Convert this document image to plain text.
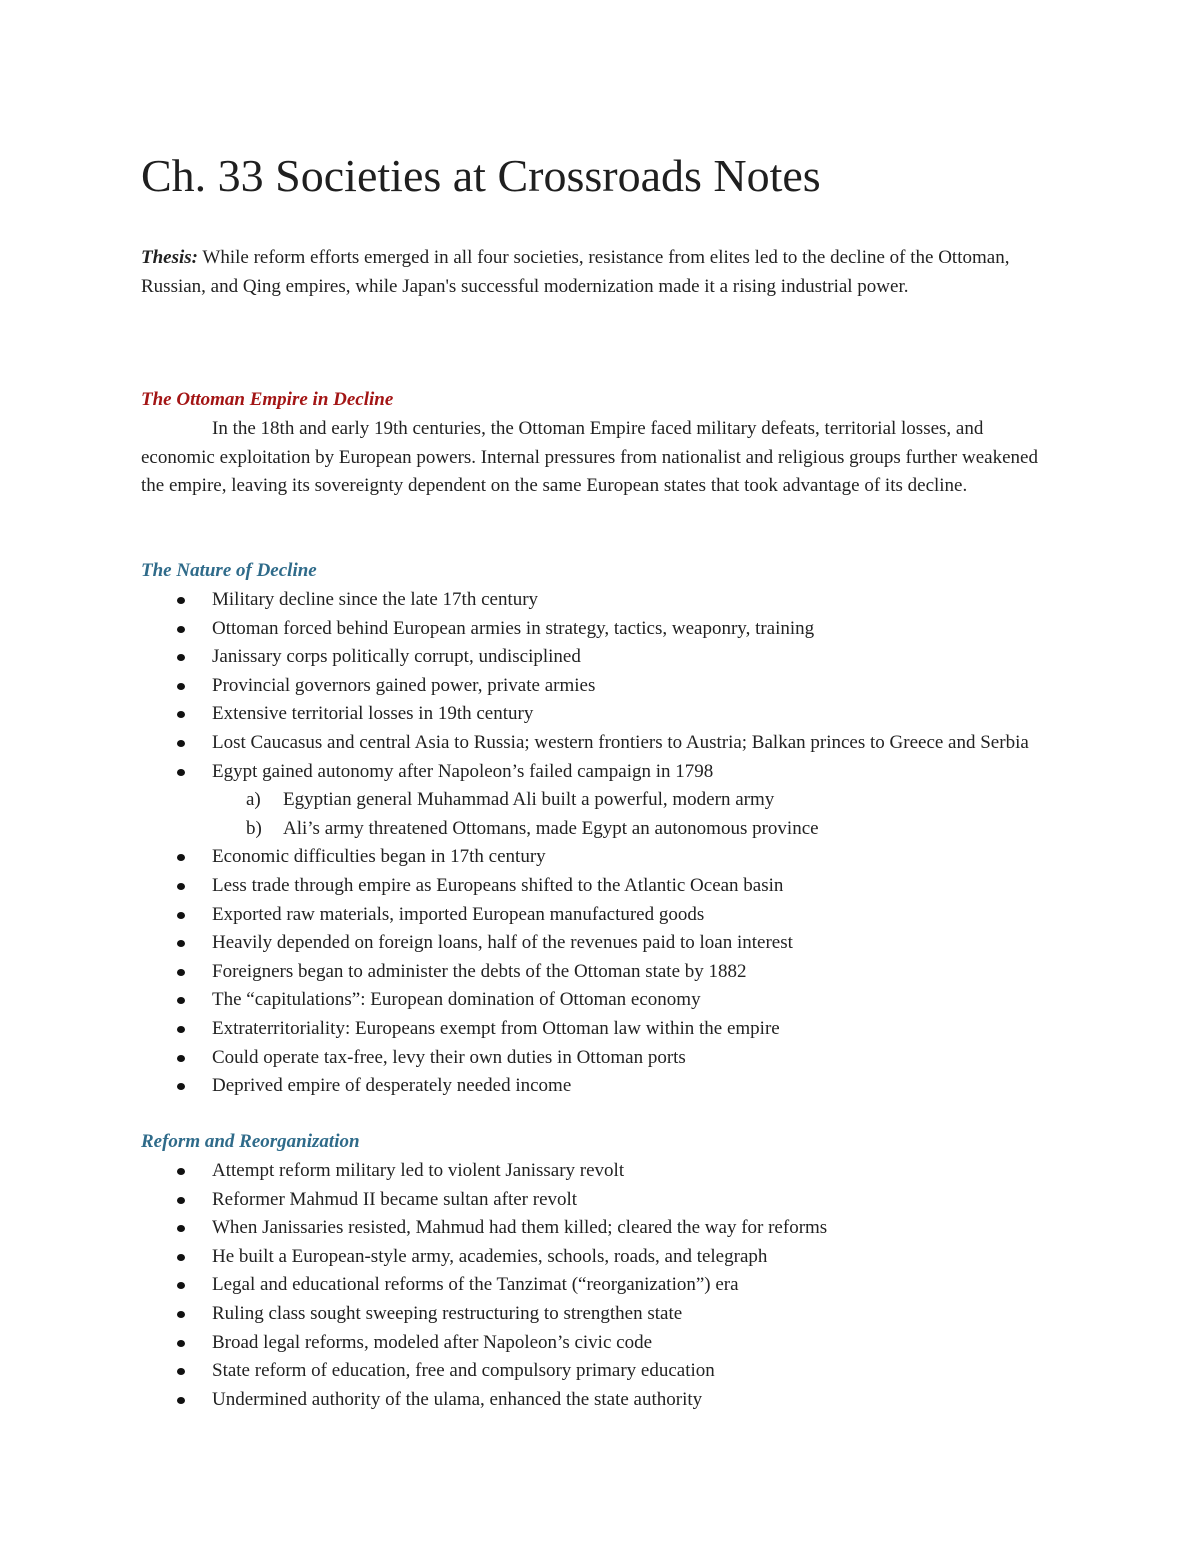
Ch. 33 Societies at Crossroads Notes

Thesis: While reform efforts emerged in all four societies, resistance from elites led to the decline of the Ottoman, Russian, and Qing empires, while Japan's successful modernization made it a rising industrial power.

The Ottoman Empire in Decline

In the 18th and early 19th centuries, the Ottoman Empire faced military defeats, territorial losses, and economic exploitation by European powers. Internal pressures from nationalist and religious groups further weakened the empire, leaving its sovereignty dependent on the same European states that took advantage of its decline.

The Nature of Decline
Military decline since the late 17th century
Ottoman forced behind European armies in strategy, tactics, weaponry, training
Janissary corps politically corrupt, undisciplined
Provincial governors gained power, private armies
Extensive territorial losses in 19th century
Lost Caucasus and central Asia to Russia; western frontiers to Austria; Balkan princes to Greece and Serbia
Egypt gained autonomy after Napoleon’s failed campaign in 1798
a) Egyptian general Muhammad Ali built a powerful, modern army
b) Ali’s army threatened Ottomans, made Egypt an autonomous province
Economic difficulties began in 17th century
Less trade through empire as Europeans shifted to the Atlantic Ocean basin
Exported raw materials, imported European manufactured goods
Heavily depended on foreign loans, half of the revenues paid to loan interest
Foreigners began to administer the debts of the Ottoman state by 1882
The “capitulations”: European domination of Ottoman economy
Extraterritoriality: Europeans exempt from Ottoman law within the empire
Could operate tax-free, levy their own duties in Ottoman ports
Deprived empire of desperately needed income
Reform and Reorganization
Attempt reform military led to violent Janissary revolt
Reformer Mahmud II became sultan after revolt
When Janissaries resisted, Mahmud had them killed; cleared the way for reforms
He built a European-style army, academies, schools, roads, and telegraph
Legal and educational reforms of the Tanzimat (“reorganization”) era
Ruling class sought sweeping restructuring to strengthen state
Broad legal reforms, modeled after Napoleon’s civic code
State reform of education, free and compulsory primary education
Undermined authority of the ulama, enhanced the state authority
